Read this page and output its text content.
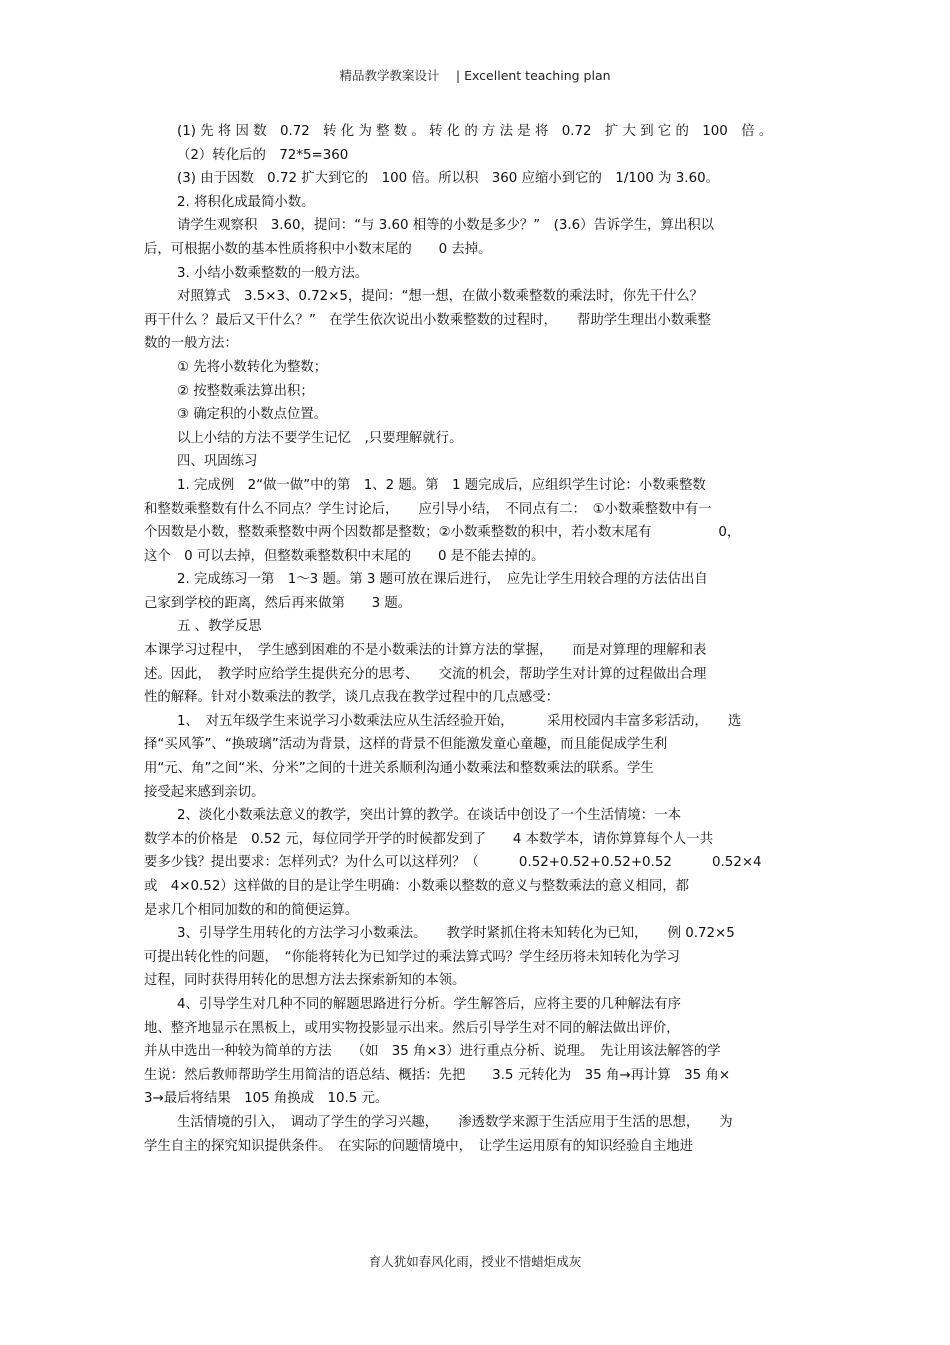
精品教学教案设计　 | Excellent teaching plan
(1) 先 将 因 数　0.72　转 化 为 整 数 。 转 化 的 方 法 是 将　0.72　扩 大 到 它 的　100　倍 。
（2）转化后的　72*5=360
(3) 由于因数　0.72 扩大到它的　100 倍。所以积　360 应缩小到它的　1/100 为 3.60。
2. 将积化成最简小数。
请学生观察积　3.60，提问：“与 3.60 相等的小数是多少？”　(3.6）告诉学生，算出积以
后，可根据小数的基本性质将积中小数末尾的　　0 去掉。
3. 小结小数乘整数的一般方法。
对照算式　3.5×3、0.72×5，提问：“想一想，在做小数乘整数的乘法时，你先干什么？
再干什么 ？最后又干什么？”　在学生依次说出小数乘整数的过程时，　　帮助学生理出小数乘整
数的一般方法：
① 先将小数转化为整数；
② 按整数乘法算出积；
③ 确定积的小数点位置。
以上小结的方法不要学生记忆　,只要理解就行。
四、巩固练习
1. 完成例　2“做一做”中的第　1、2 题。第　1 题完成后，应组织学生讨论：小数乘整数
和整数乘整数有什么不同点？学生讨论后，　　应引导小结，　不同点有二：　①小数乘整数中有一
个因数是小数，整数乘整数中两个因数都是整数；②小数乘整数的积中，若小数末尾有　　　　　0，
这个　0 可以去掉，但整数乘整数积中末尾的　　0 是不能去掉的。
2. 完成练习一第　1～3 题。第 3 题可放在课后进行，　应先让学生用较合理的方法估出自
己家到学校的距离，然后再来做第　　3 题。
五 、教学反思
本课学习过程中，　学生感到困难的不是小数乘法的计算方法的掌握，　　而是对算理的理解和表
述。因此，　教学时应给学生提供充分的思考、　　交流的机会，帮助学生对计算的过程做出合理
性的解释。针对小数乘法的教学，谈几点我在教学过程中的几点感受：
1、　对五年级学生来说学习小数乘法应从生活经验开始，　　　采用校园内丰富多彩活动，　　选
择“买风筝”、“换玻璃”活动为背景，这样的背景不但能激发童心童趣，而且能促成学生利
用“元、角”之间“米、分米”之间的十进关系顺利沟通小数乘法和整数乘法的联系。学生
接受起来感到亲切。
2、淡化小数乘法意义的教学，突出计算的教学。在谈话中创设了一个生活情境：一本
数学本的价格是　0.52 元，每位同学开学的时候都发到了　　4 本数学本，请你算算每个人一共
要多少钱？提出要求：怎样列式？为什么可以这样列？（　　　0.52+0.52+0.52+0.52　　　0.52×4
或　4×0.52）这样做的目的是让学生明确：小数乘以整数的意义与整数乘法的意义相同，都
是求几个相同加数的和的简便运算。
3、引导学生用转化的方法学习小数乘法。　　教学时紧抓住将未知转化为已知，　　例 0.72×5
可提出转化性的问题，　“你能将转化为已知学过的乘法算式吗？学生经历将未知转化为学习
过程，同时获得用转化的思想方法去探索新知的本领。
4、引导学生对几种不同的解题思路进行分析。学生解答后，应将主要的几种解法有序
地、整齐地显示在黑板上，或用实物投影显示出来。然后引导学生对不同的解法做出评价，
并从中选出一种较为简单的方法　　（如　35 角×3）进行重点分析、说理。　先让用该法解答的学
生说：然后教师帮助学生用简洁的语总结、概括：先把　　3.5 元转化为　35 角→再计算　35 角×
3→最后将结果　105 角换成　10.5 元。
生活情境的引入，　调动了学生的学习兴趣，　　渗透数学来源于生活应用于生活的思想，　　为
学生自主的探究知识提供条件。　在实际的问题情境中，　让学生运用原有的知识经验自主地进
育人犹如春风化雨，授业不惜蜡炬成灰
